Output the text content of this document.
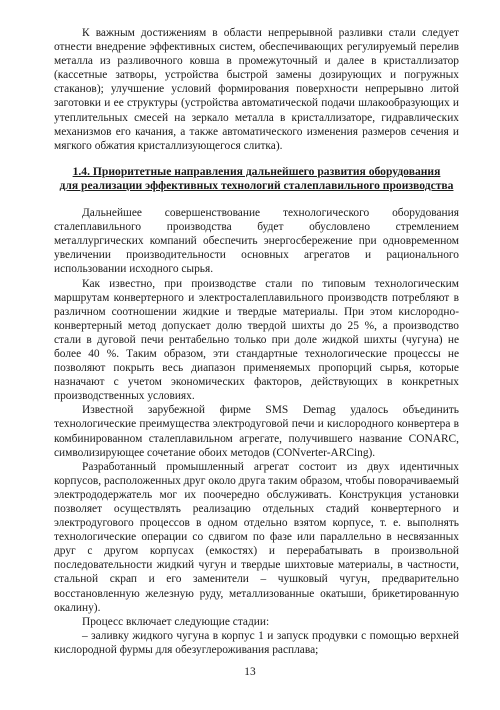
К важным достижениям в области непрерывной разливки стали следует отнести внедрение эффективных систем, обеспечивающих регулируемый перелив металла из разливочного ковша в промежуточный и далее в кристаллизатор (кассетные затворы, устройства быстрой замены дозирующих и погружных стаканов); улучшение условий формирования поверхности непрерывно литой заготовки и ее структуры (устройства автоматической подачи шлакообразующих и утеплительных смесей на зеркало металла в кристаллизаторе, гидравлических механизмов его качания, а также автоматического изменения размеров сечения и мягкого обжатия кристаллизующегося слитка).

1.4. Приоритетные направления дальнейшего развития оборудования
для реализации эффективных технологий сталеплавильного производства

Дальнейшее совершенствование технологического оборудования сталеплавильного производства будет обусловлено стремлением металлургических компаний обеспечить энергосбережение при одновременном увеличении производительности основных агрегатов и рационального использовании исходного сырья.

Как известно, при производстве стали по типовым технологическим маршрутам конвертерного и электросталеплавильного производств потребляют в различном соотношении жидкие и твердые материалы. При этом кислородно-конвертерный метод допускает долю твердой шихты до 25 %, а производство стали в дуговой печи рентабельно только при доле жидкой шихты (чугуна) не более 40 %. Таким образом, эти стандартные технологические процессы не позволяют покрыть весь диапазон применяемых пропорций сырья, которые назначают с учетом экономических факторов, действующих в конкретных производственных условиях.

Известной зарубежной фирме SMS Demag удалось объединить технологические преимущества электродуговой печи и кислородного конвертера в комбинированном сталеплавильном агрегате, получившего название CONARC, символизирующее сочетание обоих методов (CONverter-ARCing).

Разработанный промышленный агрегат состоит из двух идентичных корпусов, расположенных друг около друга таким образом, чтобы поворачиваемый электрододержатель мог их поочередно обслуживать. Конструкция установки позволяет осуществлять реализацию отдельных стадий конвертерного и электродугового процессов в одном отдельно взятом корпусе, т. е. выполнять технологические операции со сдвигом по фазе или параллельно в несвязанных друг с другом корпусах (емкостях) и перерабатывать в произвольной последовательности жидкий чугун и твердые шихтовые материалы, в частности, стальной скрап и его заменители – чушковый чугун, предварительно восстановленную железную руду, металлизованные окатыши, брикетированную окалину).

Процесс включает следующие стадии:

– заливку жидкого чугуна в корпус 1 и запуск продувки с помощью верхней кислородной фурмы для обезуглероживания расплава;

13
